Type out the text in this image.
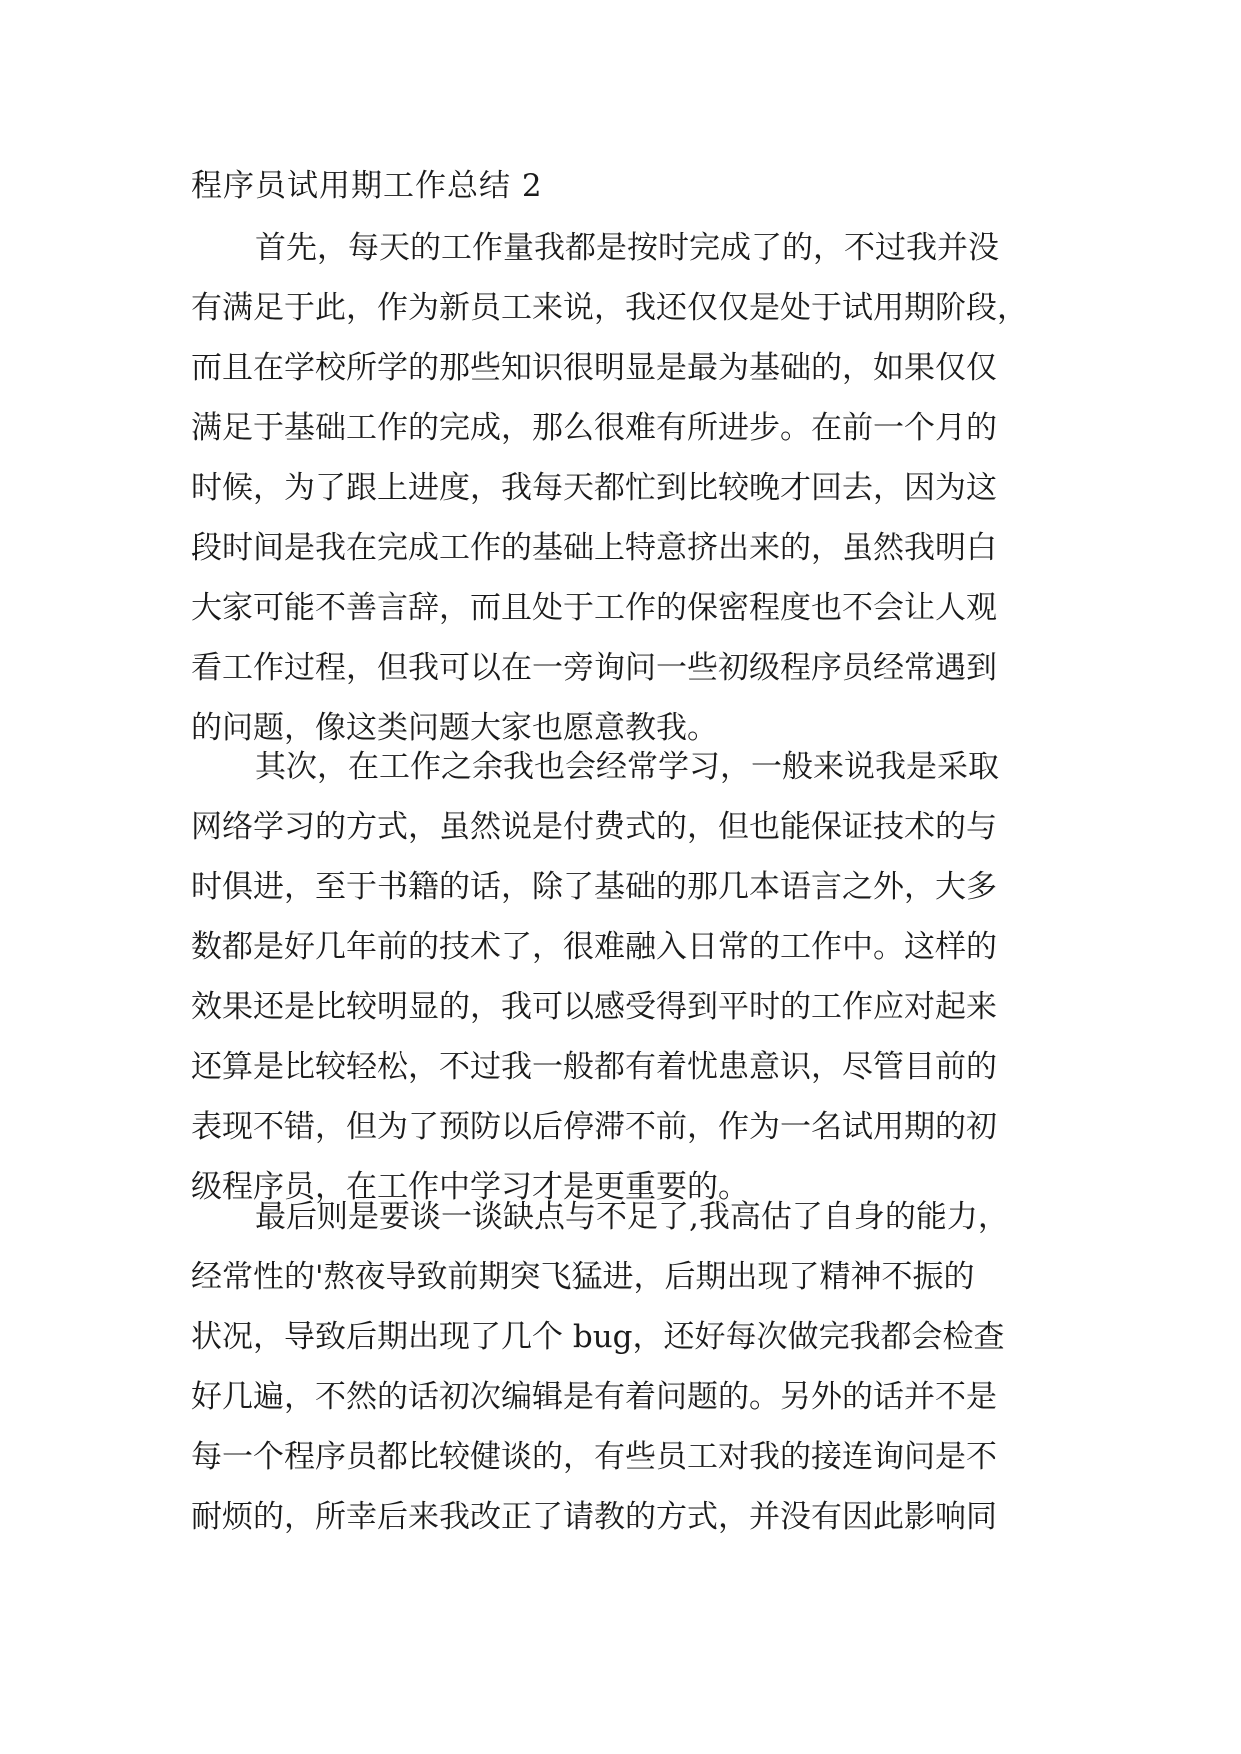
程序员试用期工作总结 2
首先，每天的工作量我都是按时完成了的，不过我并没
有满足于此，作为新员工来说，我还仅仅是处于试用期阶段，
而且在学校所学的那些知识很明显是最为基础的，如果仅仅
满足于基础工作的完成，那么很难有所进步。在前一个月的
时候，为了跟上进度，我每天都忙到比较晚才回去，因为这
段时间是我在完成工作的基础上特意挤出来的，虽然我明白
大家可能不善言辞，而且处于工作的保密程度也不会让人观
看工作过程，但我可以在一旁询问一些初级程序员经常遇到
的问题，像这类问题大家也愿意教我。
其次，在工作之余我也会经常学习，一般来说我是采取
网络学习的方式，虽然说是付费式的，但也能保证技术的与
时俱进，至于书籍的话，除了基础的那几本语言之外，大多
数都是好几年前的技术了，很难融入日常的工作中。这样的
效果还是比较明显的，我可以感受得到平时的工作应对起来
还算是比较轻松，不过我一般都有着忧患意识，尽管目前的
表现不错，但为了预防以后停滞不前，作为一名试用期的初
级程序员，在工作中学习才是更重要的。
最后则是要谈一谈缺点与不足了,我高估了自身的能力，
经常性的'熬夜导致前期突飞猛进，后期出现了精神不振的
状况，导致后期出现了几个 bug，还好每次做完我都会检查
好几遍，不然的话初次编辑是有着问题的。另外的话并不是
每一个程序员都比较健谈的，有些员工对我的接连询问是不
耐烦的，所幸后来我改正了请教的方式，并没有因此影响同
